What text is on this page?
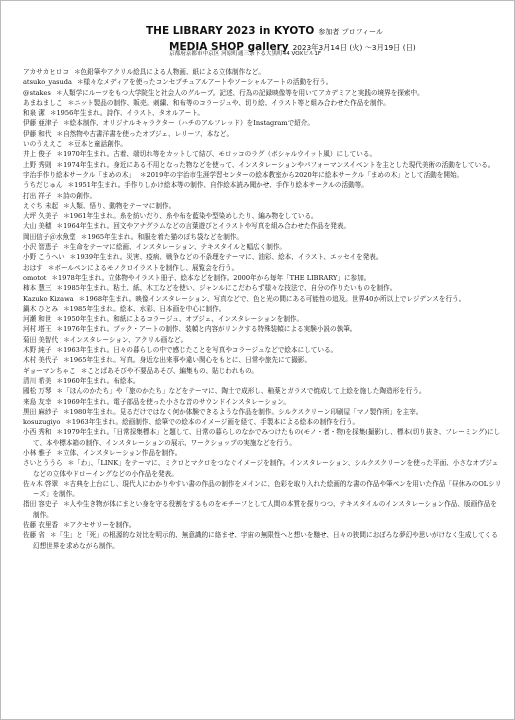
THE LIBRARY 2023 in KYOTO 参加者 プロフィール
MEDIA SHOP gallery 2023年3月14日 (火) ～3月19日 (日)
京都府京都市中京区 河原町通三条下る大黒町44 VOXビル1F
アカサカヒロコ ＊色鉛筆やアクリル絵具による人物画、紙による立体制作など。
atsuko_yasuda ＊様々なメディアを使ったコンセプチュアルアートやソーシャルアートの活動を行う。
@stakes ＊人類学にルーツをもつ大学院生と社会人のグループ。記述、行為の記録映像等を用いてアカデミアと実践の境界を探索中。
あまねましこ ＊ニット製品の制作、販売。刺繍、和布等のコラージュや、切り絵、イラスト等と組み合わせた作品を制作。
和泉 潔 ＊1956年生まれ。詩作、イラスト、タオルアート。
伊藤 亜津子 ＊絵本制作、オリジナルキャラクター（ハチのアルフレッド）をInstagramで紹介。
伊藤 和代 ＊自然物や古書洋書を使ったオブジェ、レリーフ、本など。
いのうええこ ＊豆本と童話創作。
井上 俊子 ＊1970年生まれ。古着、端切れ等をカットして結び、モロッコのラグ（ボシャルウイット風）にしている。
上野 秀則 ＊1974年生まれ。身近にある不用となった物などを使って、インスタレーションやパフォーマンスイベントを主とした現代美術の活動をしている。
宇治手作り絵本サークル「まめの木」 ＊2019年の宇治市生涯学習センターの絵本教室から2020年に絵本サークル「まめの木」として活動を開始。
うちだじゅん ＊1951年生まれ。手作りしかけ絵本等の制作、自作絵本読み聞かせ、手作り絵本サークルの活動等。
打出 祥子 ＊詩の創作。
えぐち 未起 ＊人類、悟り、動物をテーマに制作。
大坪 久美子 ＊1961年生まれ。糸を紡いだり、糸や布を藍染や型染めしたり、編み物をしている。
大山 美穂 ＊1964年生まれ。回文やアナグラムなどの言葉遊びとイラストや写真を組み合わせた作品を発表。
岡田信子＠水魚堂 ＊1965年生まれ。和服を着た猫のぽち袋などを制作。
小沢 智恵子 ＊生命をテーマに絵画、インスタレーション、テキスタイルと幅広く制作。
小野 こうへい ＊1939年生まれ。災害、疫病、戦争などの不条理をテーマに、油彩、絵本、イラスト、エッセイを発表。
おはす ＊ボールペンによるモノクロイラストを制作し、展覧会を行う。
omotot ＊1978年生まれ。立体物やイラスト冊子、絵本などを制作。2000年から毎年「THE LIBRARY」に参加。
柿本 慧三 ＊1985年生まれ。粘土、紙、木工などを使い、ジャンルにこだわらず様々な技法で、自分の作りたいものを制作。
Kazuko Kizawa ＊1968年生まれ。映像インスタレーション、写真などで、色と光の間にある可能性の追及。世界40か所以上でレジデンスを行う。
鍋木 ひとみ ＊1985年生まれ。絵本、水彩、日本画を中心に制作。
河瀬 和世 ＊1950年生まれ。和紙によるコラージュ、オブジェ、インスタレーションを制作。
河村 塔王 ＊1976年生まれ。ブック・アートの制作、装幀と内容がリンクする特殊装幀による実験小説の執筆。
菊田 美智代 ＊インスタレーション、アクリル画など。
木野 純子 ＊1963年生まれ。日々の暮らしの中で感じたことを写真やコラージュなどで絵本にしている。
木村 美代子 ＊1965年生まれ。写真。身近な出来事や違い関心をもとに、日常や旅先にて撮影。
ギョーマンちゃこ ＊ことばあそびや不要品あそび、編集もの、貼じわれもの。
清川 希美 ＊1960年生まれ。布絵本。
國松 万琴 ＊「ほんのかたち」や「旅のかたち」などをテーマに、陶土で成形し、釉薬とガラスで焼成して上絵を施した陶造形を行う。
来島 友幸 ＊1969年生まれ。電子部品を使った小さな音のサウンドインスタレーション。
黒田 麻紗子 ＊1980年生まれ。見るだけではなく何か体験できるような作品を制作。シルクスクリーン印刷屋「マノ製作所」を主宰。
kosuzugiyo ＊1963年生まれ。絵画制作、絵筆での絵本のイメージ画を経て、手製本による絵本の制作を行う。
小西 秀和 ＊1979年生まれ。「日常採集標本」と題して、日常の暮らしのなかでみつけたもの(モノ・者・物)を採集(撮影)し、標本(切り抜き、フレーミング)にして、本や標本箱の制作、インスタレーションの展示、ワークショップの実施などを行う。
小林 雅子 ＊立体、インスタレーション作品を制作。
さいとううら ＊「わ」、「LINK」をテーマに、ミクロとマクロをつなぐイメージを制作。インスタレーション、シルクスクリーンを使った平面、小さなオブジェなどの立体やドローイングなどの小作品を発表。
佐々木 啓翠 ＊古典を上台にし、現代人にわかりやすい書の作品の制作をメインに、色彩を取り入れた絵画的な書の作品や筆ペンを用いた作品「昼休みのOLシリーズ」を制作。
指田 容史子 ＊人や生き物が体にまとい身を守る役割をするものをモチーフとして人間の本質を探りつつ、テキスタイルのインスタレーション作品、版画作品を制作。
佐藤 衣里香 ＊アクセサリーを制作。
佐藤 省 ＊「生」と「死」の根源的な対比を明示的、無意識的に絡ませ、宇宙の無限性へと想いを馳せ、日々の狭間におぼろな夢幻や思いがけなく生成してくる幻想世界を求めながら制作。
